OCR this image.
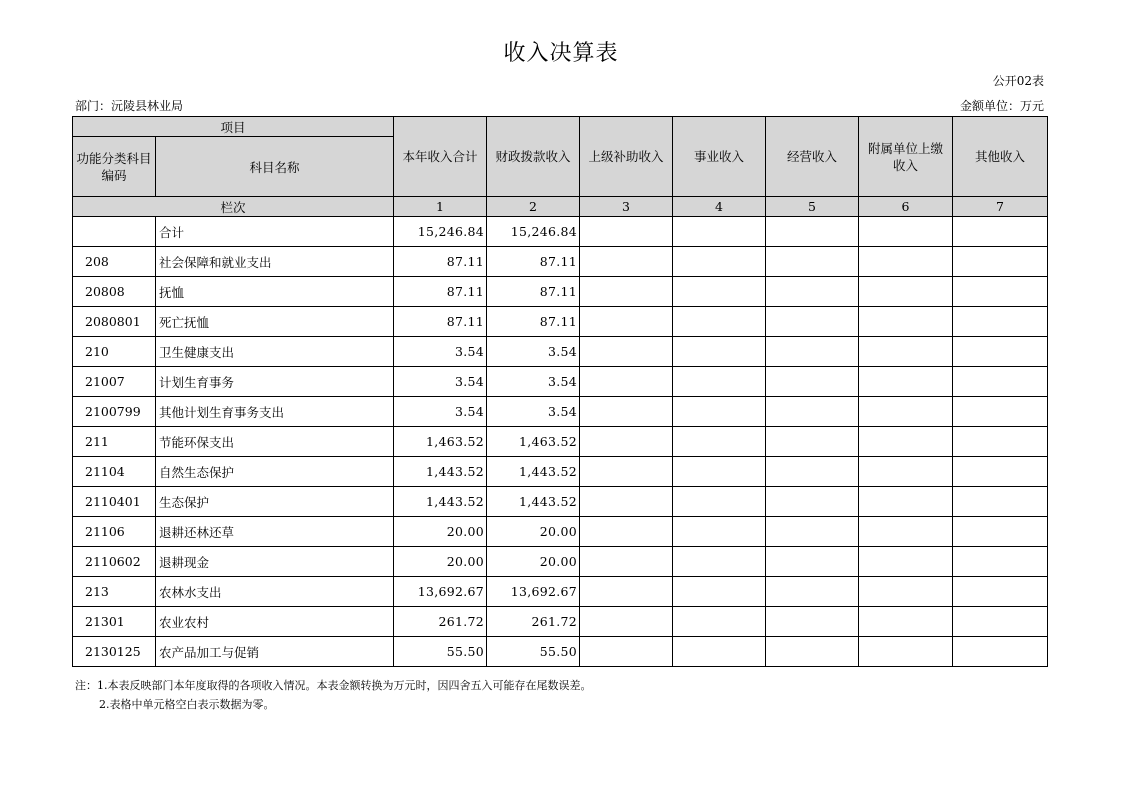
收入决算表
公开02表
部门：沅陵县林业局	金额单位：万元
项目		本年收入合计	财政拨款收入	上级补助收入	事业收入	经营收入	附属单位上缴收入	其他收入
功能分类科目编码	科目名称							
栏次		1	2	3	4	5	6	7
	合计	15,246.84	15,246.84					
208	社会保障和就业支出	87.11	87.11					
20808	抚恤	87.11	87.11					
2080801	死亡抚恤	87.11	87.11					
210	卫生健康支出	3.54	3.54					
21007	计划生育事务	3.54	3.54					
2100799	其他计划生育事务支出	3.54	3.54					
211	节能环保支出	1,463.52	1,463.52					
21104	自然生态保护	1,443.52	1,443.52					
2110401	生态保护	1,443.52	1,443.52					
21106	退耕还林还草	20.00	20.00					
2110602	退耕现金	20.00	20.00					
213	农林水支出	13,692.67	13,692.67					
21301	农业农村	261.72	261.72					
2130125	农产品加工与促销	55.50	55.50					
注：1.本表反映部门本年度取得的各项收入情况。本表金额转换为万元时，因四舍五入可能存在尾数误差。
2.表格中单元格空白表示数据为零。
